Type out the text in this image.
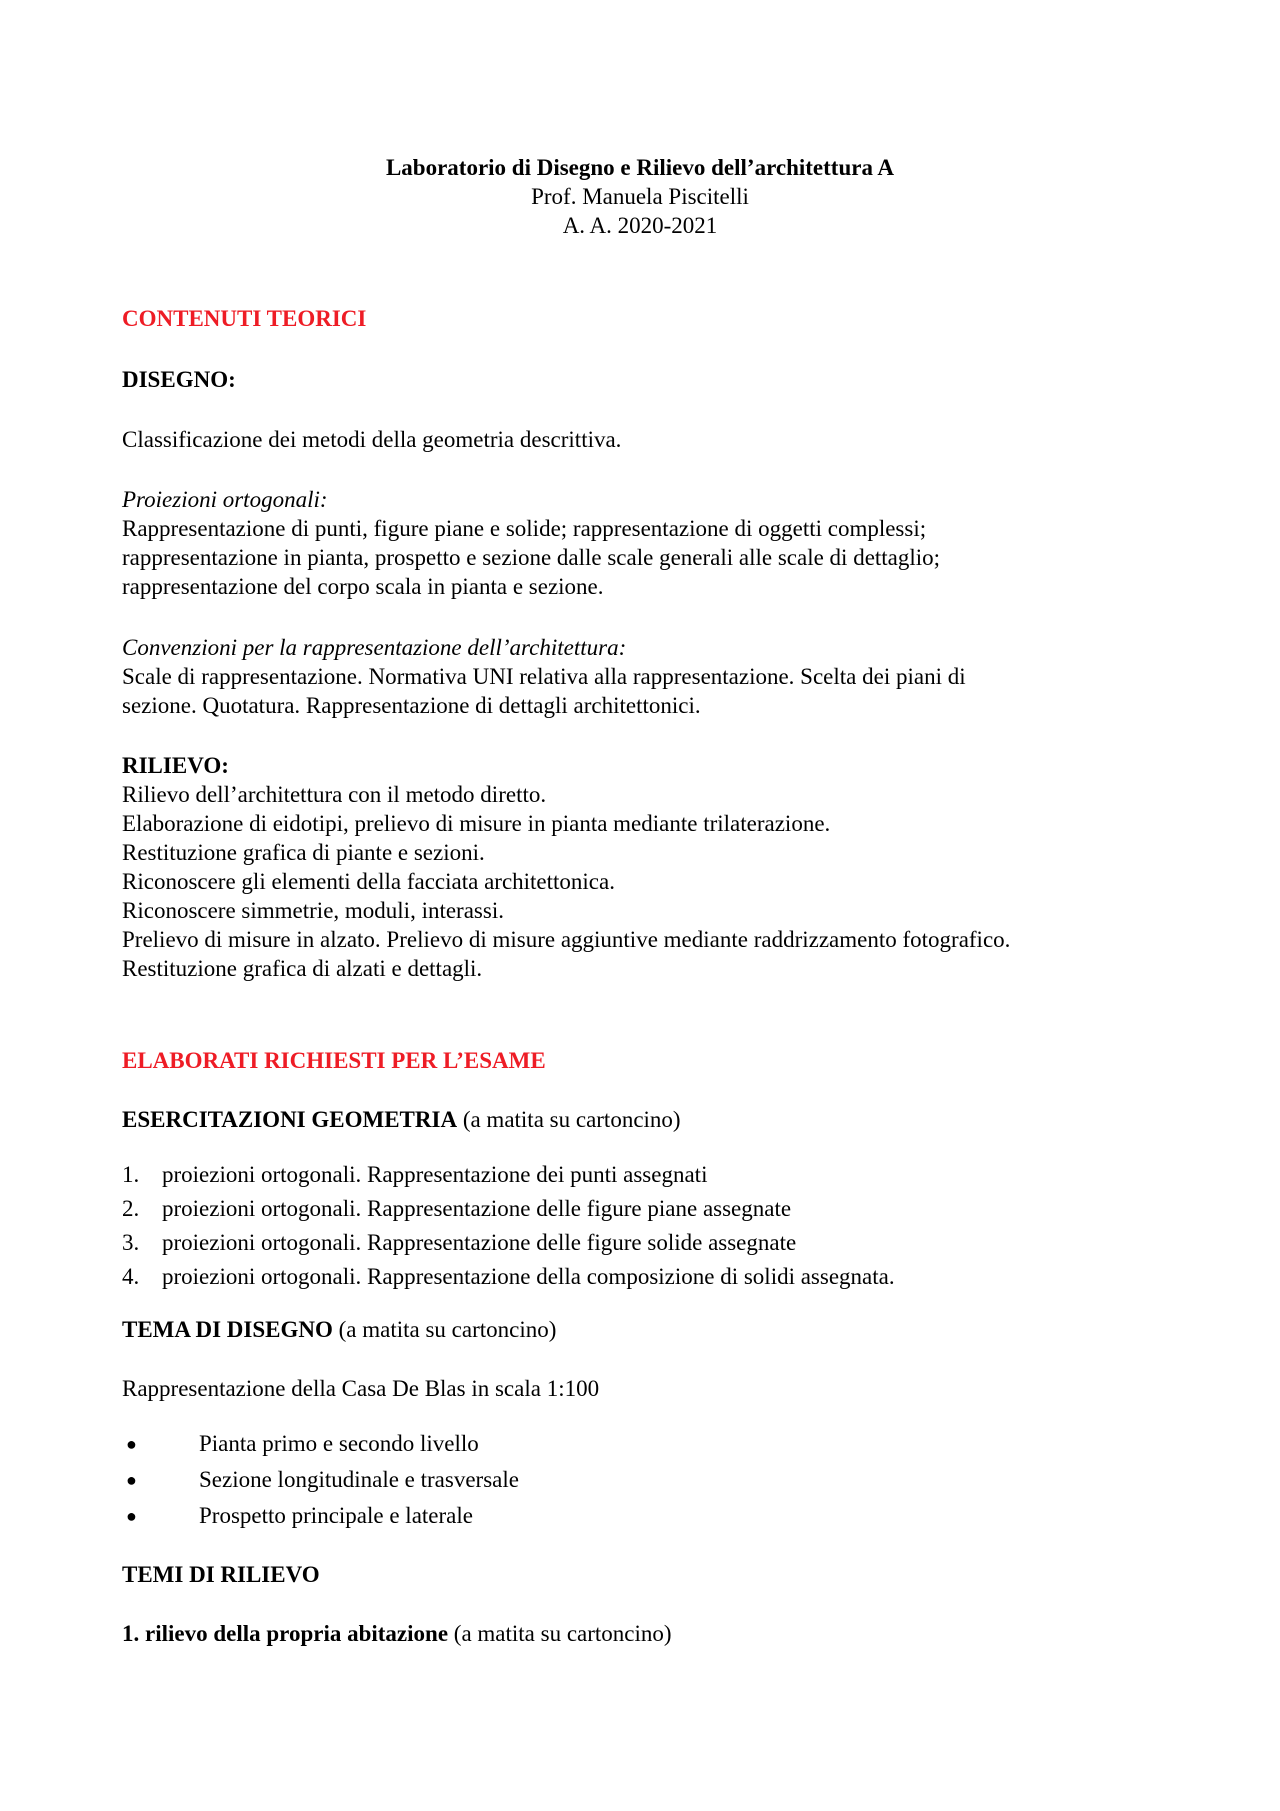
Laboratorio di Disegno e Rilievo dell’architettura A
Prof. Manuela Piscitelli
A. A. 2020-2021
CONTENUTI TEORICI
DISEGNO:
Classificazione dei metodi della geometria descrittiva.
Proiezioni ortogonali:
Rappresentazione di punti, figure piane e solide; rappresentazione di oggetti complessi;
rappresentazione in pianta, prospetto e sezione dalle scale generali alle scale di dettaglio;
rappresentazione del corpo scala in pianta e sezione.
Convenzioni per la rappresentazione dell’architettura:
Scale di rappresentazione. Normativa UNI relativa alla rappresentazione. Scelta dei piani di
sezione. Quotatura. Rappresentazione di dettagli architettonici.
RILIEVO:
Rilievo dell’architettura con il metodo diretto.
Elaborazione di eidotipi, prelievo di misure in pianta mediante trilaterazione.
Restituzione grafica di piante e sezioni.
Riconoscere gli elementi della facciata architettonica.
Riconoscere simmetrie, moduli, interassi.
Prelievo di misure in alzato. Prelievo di misure aggiuntive mediante raddrizzamento fotografico.
Restituzione grafica di alzati e dettagli.
ELABORATI RICHIESTI PER L’ESAME
ESERCITAZIONI GEOMETRIA (a matita su cartoncino)
1. proiezioni ortogonali. Rappresentazione dei punti assegnati
2. proiezioni ortogonali. Rappresentazione delle figure piane assegnate
3. proiezioni ortogonali. Rappresentazione delle figure solide assegnate
4. proiezioni ortogonali. Rappresentazione della composizione di solidi assegnata.
TEMA DI DISEGNO (a matita su cartoncino)
Rappresentazione della Casa De Blas in scala 1:100
●	Pianta primo e secondo livello
●	Sezione longitudinale e trasversale
●	Prospetto principale e laterale
TEMI DI RILIEVO
1. rilievo della propria abitazione (a matita su cartoncino)
